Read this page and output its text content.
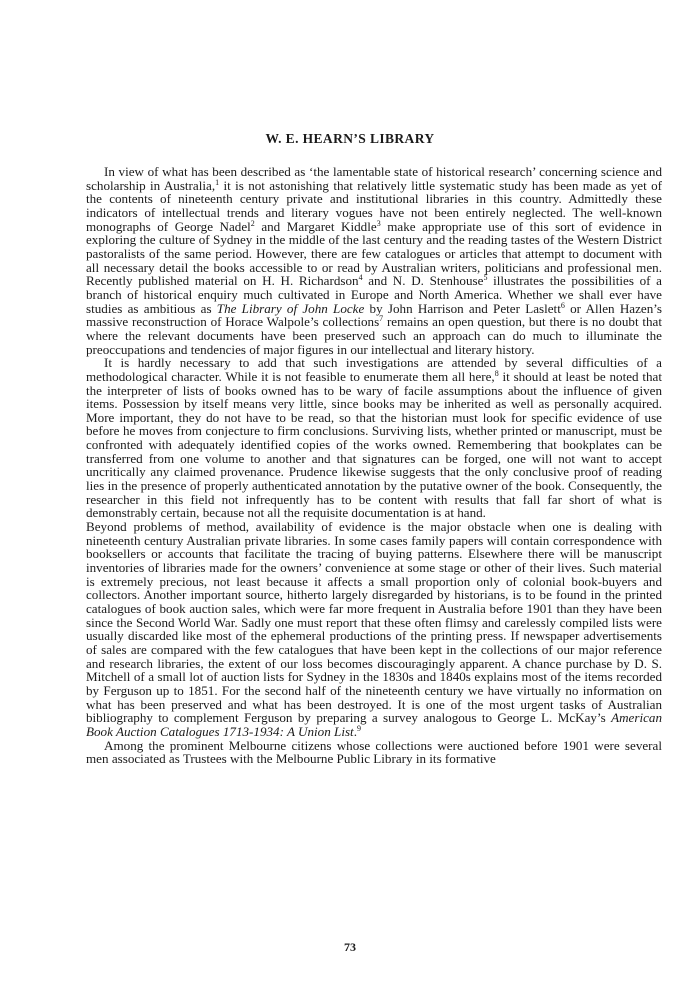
W. E. HEARN’S LIBRARY

In view of what has been described as ‘the lamentable state of historical research’ concerning science and scholarship in Australia,$^1$ it is not astonishing that relatively little systematic study has been made as yet of the contents of nineteenth century private and institutional libraries in this country. Admittedly these indicators of intellectual trends and literary vogues have not been entirely neglected. The well-known monographs of George Nadel$^2$ and Margaret Kiddle$^3$ make appropriate use of this sort of evidence in exploring the culture of Sydney in the middle of the last century and the reading tastes of the Western District pastoralists of the same period. However, there are few catalogues or articles that attempt to document with all necessary detail the books accessible to or read by Australian writers, politicians and professional men. Recently published material on H. H. Richardson$^4$ and N. D. Stenhouse$^5$ illustrates the possibilities of a branch of historical enquiry much cultivated in Europe and North America. Whether we shall ever have studies as ambitious as The Library of John Locke by John Harrison and Peter Laslett$^6$ or Allen Hazen’s massive reconstruction of Horace Walpole’s collections$^7$ remains an open question, but there is no doubt that where the relevant documents have been preserved such an approach can do much to illuminate the preoccupations and tendencies of major figures in our intellectual and literary history.

It is hardly necessary to add that such investigations are attended by several difficulties of a methodological character. While it is not feasible to enumerate them all here,$^8$ it should at least be noted that the interpreter of lists of books owned has to be wary of facile assumptions about the influence of given items. Possession by itself means very little, since books may be inherited as well as personally acquired. More important, they do not have to be read, so that the historian must look for specific evidence of use before he moves from conjecture to firm conclusions. Surviving lists, whether printed or manuscript, must be confronted with adequately identified copies of the works owned. Remembering that bookplates can be transferred from one volume to another and that signatures can be forged, one will not want to accept uncritically any claimed provenance. Prudence likewise suggests that the only conclusive proof of reading lies in the presence of properly authenticated annotation by the putative owner of the book. Consequently, the researcher in this field not infrequently has to be content with results that fall far short of what is demonstrably certain, because not all the requisite documentation is at hand.

Beyond problems of method, availability of evidence is the major obstacle when one is dealing with nineteenth century Australian private libraries. In some cases family papers will contain correspondence with booksellers or accounts that facilitate the tracing of buying patterns. Elsewhere there will be manuscript inventories of libraries made for the owners’ convenience at some stage or other of their lives. Such material is extremely precious, not least because it affects a small proportion only of colonial book-buyers and collectors. Another important source, hitherto largely disregarded by historians, is to be found in the printed catalogues of book auction sales, which were far more frequent in Australia before 1901 than they have been since the Second World War. Sadly one must report that these often flimsy and carelessly compiled lists were usually discarded like most of the ephemeral productions of the printing press. If newspaper advertisements of sales are compared with the few catalogues that have been kept in the collections of our major reference and research libraries, the extent of our loss becomes discouragingly apparent. A chance purchase by D. S. Mitchell of a small lot of auction lists for Sydney in the 1830s and 1840s explains most of the items recorded by Ferguson up to 1851. For the second half of the nineteenth century we have virtually no information on what has been preserved and what has been destroyed. It is one of the most urgent tasks of Australian bibliography to complement Ferguson by preparing a survey analogous to George L. McKay’s American Book Auction Catalogues 1713-1934: A Union List.$^9$

Among the prominent Melbourne citizens whose collections were auctioned before 1901 were several men associated as Trustees with the Melbourne Public Library in its formative

73
